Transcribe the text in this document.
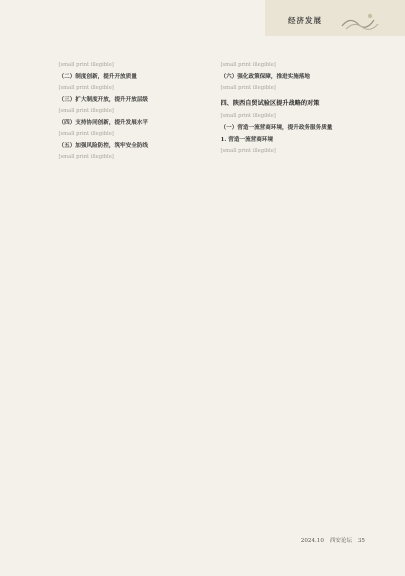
经济发展

[small print illegible]

（二）制度创新，提升开放质量

[small print illegible]

（三）扩大制度开放，提升开放层级

[small print illegible]

（四）支持协同创新，提升发展水平

[small print illegible]

（五）加强风险防控，筑牢安全防线

[small print illegible]

[small print illegible]

（六）强化政策保障，推进实施落地

[small print illegible]

四、陕西自贸试验区提升战略的对策

[small print illegible]

（一）营造一流营商环境，提升政务服务质量

1. 营造一流营商环境

[small print illegible]

2024.10 西安论坛 35
